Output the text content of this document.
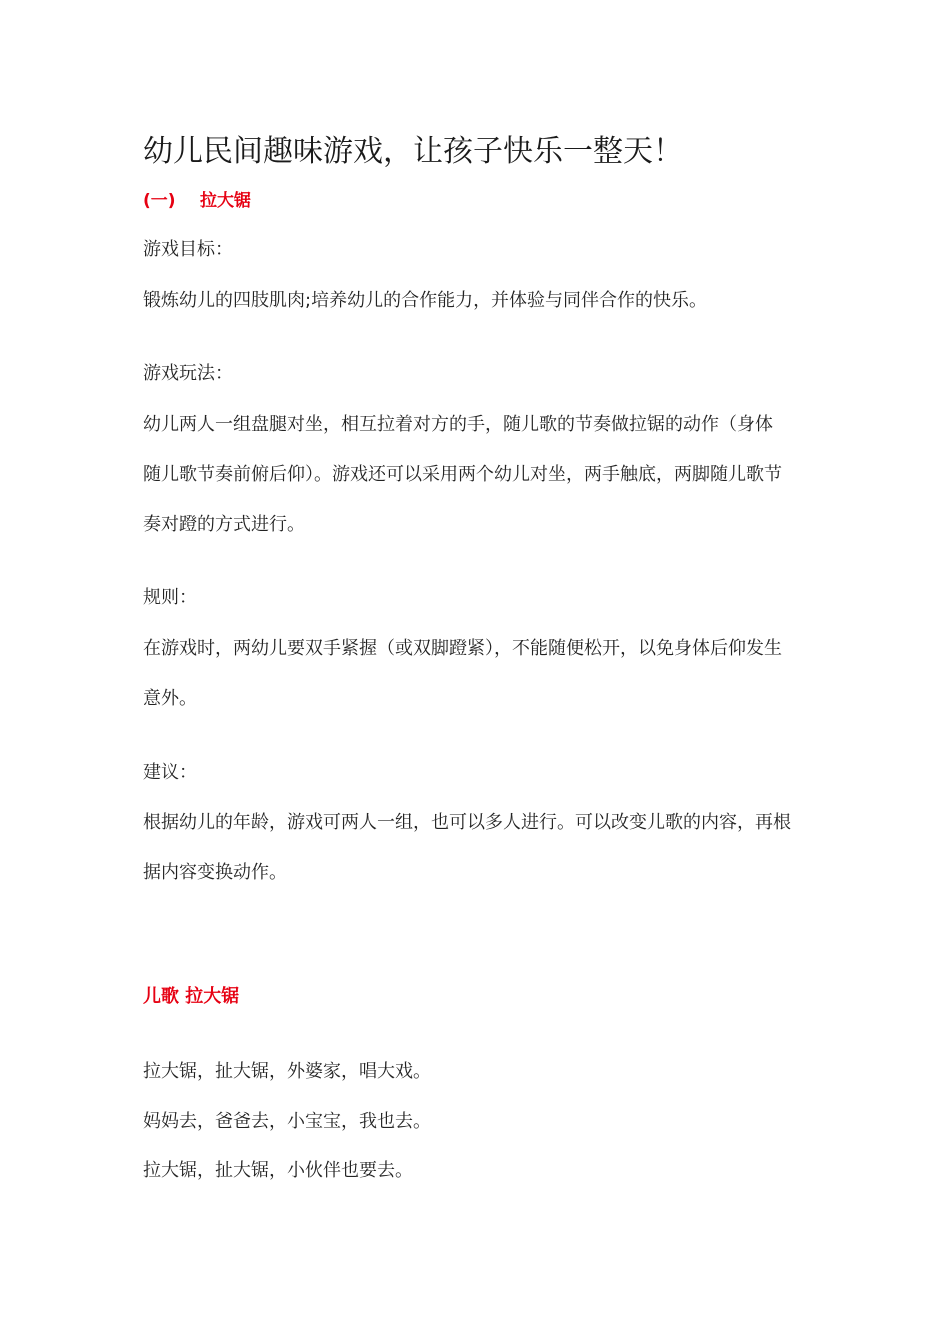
幼儿民间趣味游戏，让孩子快乐一整天！
(一) 拉大锯
游戏目标：
锻炼幼儿的四肢肌肉;培养幼儿的合作能力，并体验与同伴合作的快乐。
游戏玩法：
幼儿两人一组盘腿对坐，相互拉着对方的手，随儿歌的节奏做拉锯的动作（身体
随儿歌节奏前俯后仰）。游戏还可以采用两个幼儿对坐，两手触底，两脚随儿歌节
奏对蹬的方式进行。
规则：
在游戏时，两幼儿要双手紧握（或双脚蹬紧），不能随便松开，以免身体后仰发生
意外。
建议：
根据幼儿的年龄，游戏可两人一组，也可以多人进行。可以改变儿歌的内容，再根
据内容变换动作。
儿歌 拉大锯
拉大锯，扯大锯，外婆家，唱大戏。
妈妈去，爸爸去，小宝宝，我也去。
拉大锯，扯大锯，小伙伴也要去。
